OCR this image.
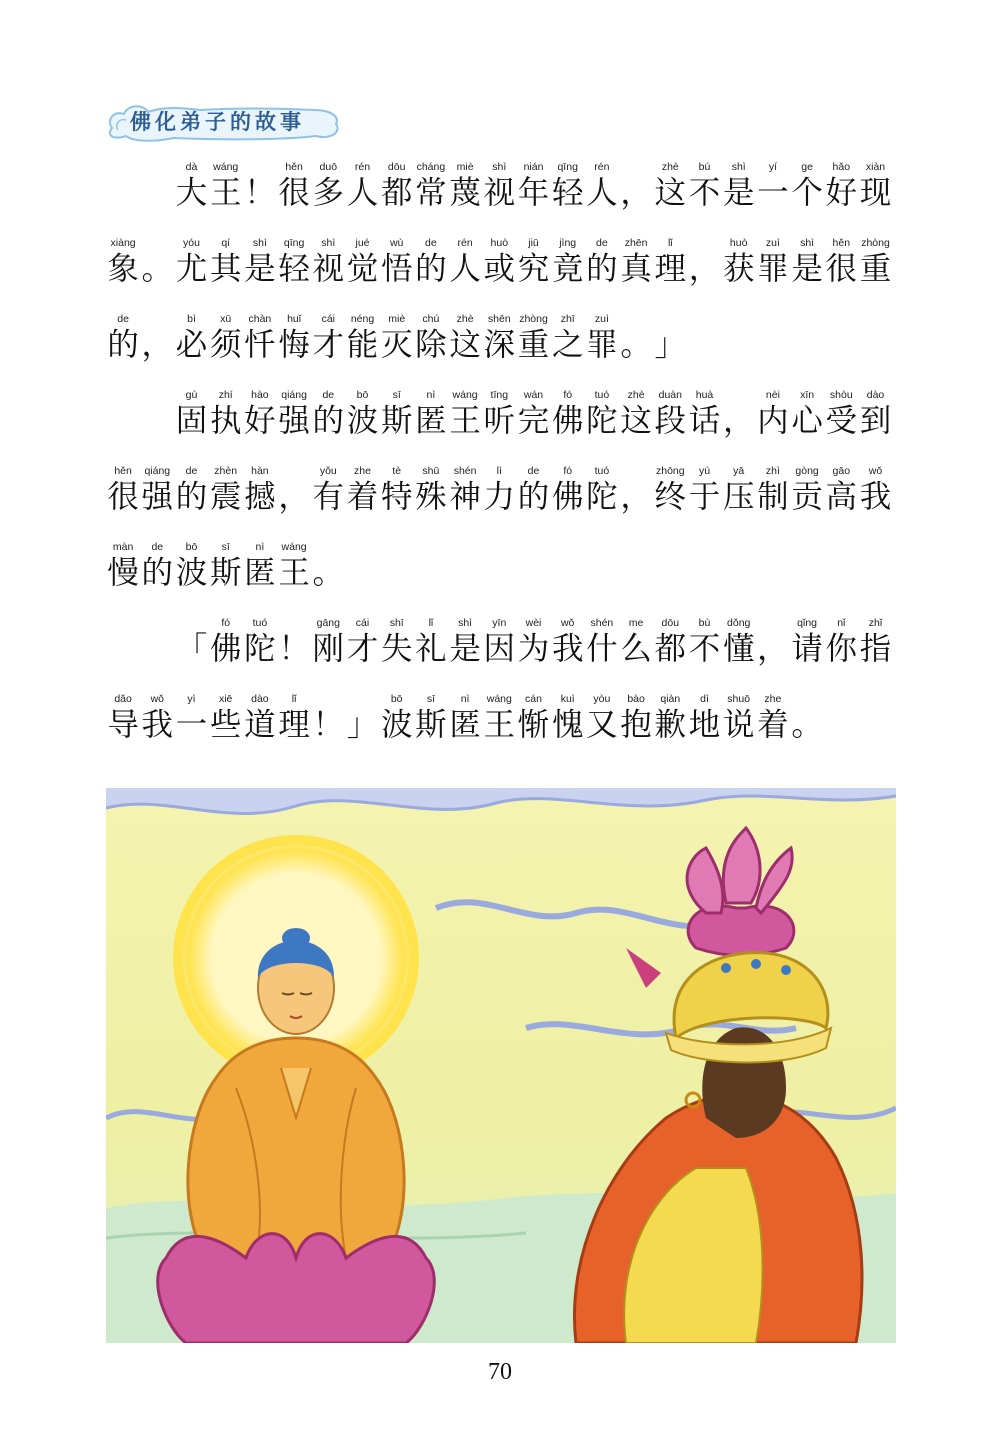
佛化弟子的故事
dà
大
wáng
王 ！
hěn
很
duō
多
rén
人
dōu
都
cháng
常
miè
蔑
shì
视
nián
年
qīng
轻
rén
人 ，
zhè
这
bú
不
shì
是
yí
一
ge
个
hǎo
好
xiàn
现
xiàng
象 。
yóu
尤
qí
其
shì
是
qīng
轻
shì
视
jué
觉
wù
悟
de
的
rén
人
huò
或
jiū
究
jìng
竟
de
的
zhēn
真
lǐ
理 ，
huò
获
zuì
罪
shì
是
hěn
很
zhòng
重
de
的 ，
bì
必
xū
须
chàn
忏
huǐ
悔
cái
才
néng
能
miè
灭
chú
除
zhè
这
shēn
深
zhòng
重
zhī
之
zuì
罪 。 」
gù
固
zhí
执
hào
好
qiáng
强
de
的
bō
波
sī
斯
nì
匿
wáng
王
tīng
听
wán
完
fó
佛
tuó
陀
zhè
这
duàn
段
huà
话 ，
nèi
内
xīn
心
shòu
受
dào
到
hěn
很
qiáng
强
de
的
zhèn
震
hàn
撼 ，
yǒu
有
zhe
着
tè
特
shū
殊
shén
神
lì
力
de
的
fó
佛
tuó
陀 ，
zhōng
终
yú
于
yā
压
zhì
制
gòng
贡
gāo
高
wǒ
我
màn
慢
de
的
bō
波
sī
斯
nì
匿
wáng
王 。
「
fó
佛
tuó
陀 ！
gāng
刚
cái
才
shī
失
lǐ
礼
shì
是
yīn
因
wèi
为
wǒ
我
shén
什
me
么
dōu
都
bù
不
dǒng
懂 ，
qǐng
请
nǐ
你
zhǐ
指
dǎo
导
wǒ
我
yì
一
xiē
些
dào
道
lǐ
理 ！ 」
bō
波
sī
斯
nì
匿
wáng
王
cán
惭
kuì
愧
yòu
又
bào
抱
qiàn
歉
dì
地
shuō
说
zhe
着 。
70
